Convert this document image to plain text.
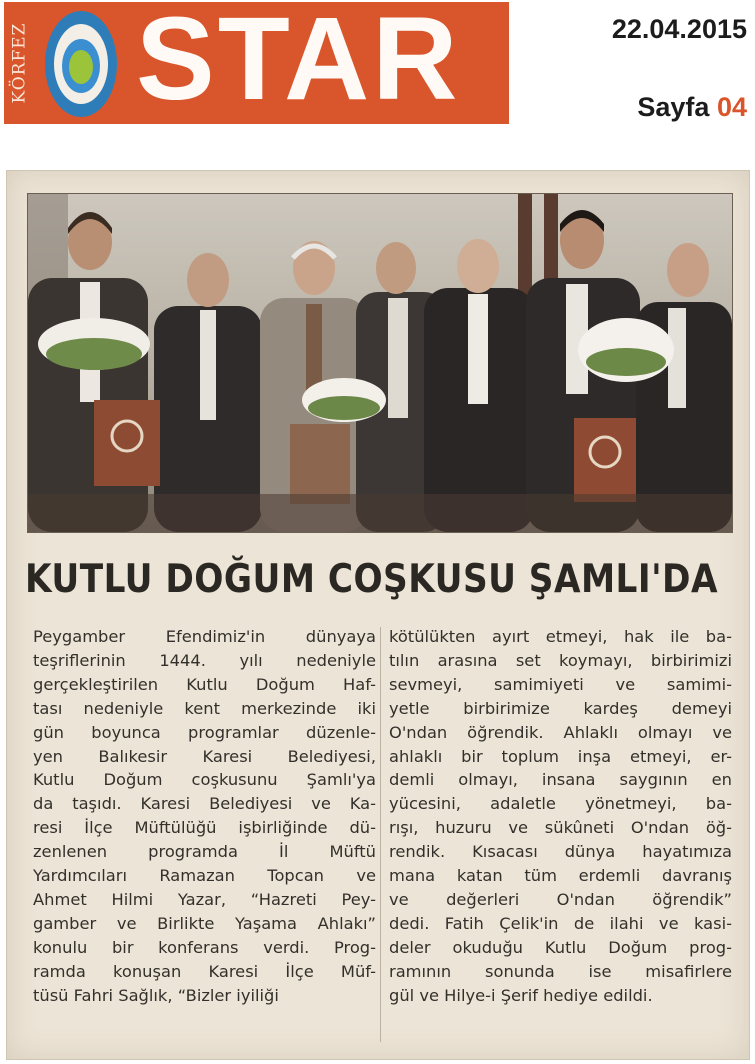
KÖRFEZ STAR	22.04.2015
Sayfa 04
KUTLU DOĞUM COŞKUSU ŞAMLI'DA
Peygamber Efendimiz'in dünyaya
teşriflerinin 1444. yılı nedeniyle
gerçekleştirilen Kutlu Doğum Haf-
tası nedeniyle kent merkezinde iki
gün boyunca programlar düzenle-
yen Balıkesir Karesi Belediyesi,
Kutlu Doğum coşkusunu Şamlı'ya
da taşıdı. Karesi Belediyesi ve Ka-
resi İlçe Müftülüğü işbirliğinde dü-
zenlenen programda İl Müftü
Yardımcıları Ramazan Topcan ve
Ahmet Hilmi Yazar, “Hazreti Pey-
gamber ve Birlikte Yaşama Ahlakı”
konulu bir konferans verdi. Prog-
ramda konuşan Karesi İlçe Müf-
tüsü Fahri Sağlık, “Bizler iyiliği
kötülükten ayırt etmeyi, hak ile ba-
tılın arasına set koymayı, birbirimizi
sevmeyi, samimiyeti ve samimi-
yetle birbirimize kardeş demeyi
O'ndan öğrendik. Ahlaklı olmayı ve
ahlaklı bir toplum inşa etmeyi, er-
demli olmayı, insana saygının en
yücesini, adaletle yönetmeyi, ba-
rışı, huzuru ve sükûneti O'ndan öğ-
rendik. Kısacası dünya hayatımıza
mana katan tüm erdemli davranış
ve değerleri O'ndan öğrendik”
dedi. Fatih Çelik'in de ilahi ve kasi-
deler okuduğu Kutlu Doğum prog-
ramının sonunda ise misafirlere
gül ve Hilye-i Şerif hediye edildi.
